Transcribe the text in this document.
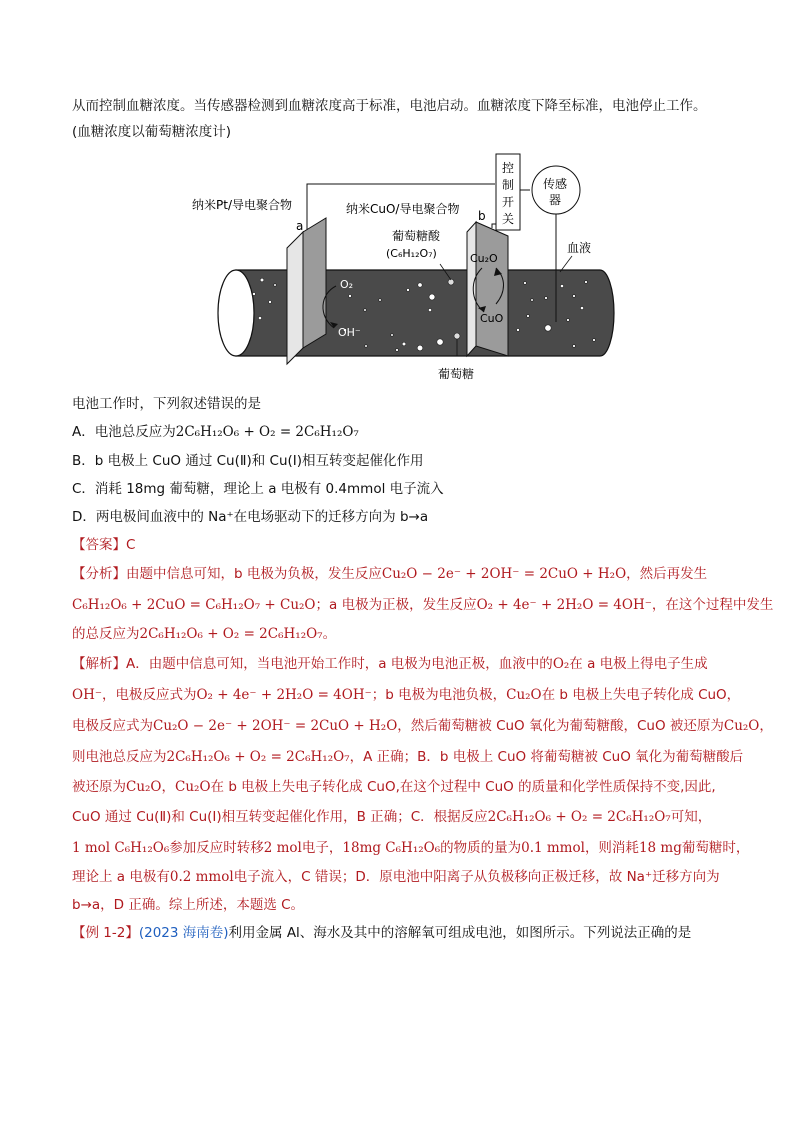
从而控制血糖浓度。当传感器检测到血糖浓度高于标准，电池启动。血糖浓度下降至标准，电池停止工作。
(血糖浓度以葡萄糖浓度计)
纳米Pt/导电聚合物
a
纳米CuO/导电聚合物 b
控
制
开
关
传感
器
血液
葡萄糖酸
(C₆H₁₂O₇)
O₂
OH⁻
Cu₂O
CuO
葡萄糖
电池工作时，下列叙述错误的是
A．电池总反应为2C₆H₁₂O₆ + O₂ = 2C₆H₁₂O₇
B．b 电极上 CuO 通过 Cu(Ⅱ)和 Cu(Ⅰ)相互转变起催化作用
C．消耗 18mg 葡萄糖，理论上 a 电极有 0.4mmol 电子流入
D．两电极间血液中的 Na⁺在电场驱动下的迁移方向为 b→a
【答案】C
【分析】由题中信息可知，b 电极为负极，发生反应Cu₂O − 2e⁻ + 2OH⁻ = 2CuO + H₂O，然后再发生
C₆H₁₂O₆ + 2CuO = C₆H₁₂O₇ + Cu₂O；a 电极为正极，发生反应O₂ + 4e⁻ + 2H₂O = 4OH⁻，在这个过程中发生
的总反应为2C₆H₁₂O₆ + O₂ = 2C₆H₁₂O₇。
【解析】A．由题中信息可知，当电池开始工作时，a 电极为电池正极，血液中的O₂在 a 电极上得电子生成
OH⁻，电极反应式为O₂ + 4e⁻ + 2H₂O = 4OH⁻；b 电极为电池负极，Cu₂O在 b 电极上失电子转化成 CuO，
电极反应式为Cu₂O − 2e⁻ + 2OH⁻ = 2CuO + H₂O，然后葡萄糖被 CuO 氧化为葡萄糖酸，CuO 被还原为Cu₂O，
则电池总反应为2C₆H₁₂O₆ + O₂ = 2C₆H₁₂O₇，A 正确；B．b 电极上 CuO 将葡萄糖被 CuO 氧化为葡萄糖酸后
被还原为Cu₂O，Cu₂O在 b 电极上失电子转化成 CuO,在这个过程中 CuO 的质量和化学性质保持不变,因此,
CuO 通过 Cu(Ⅱ)和 Cu(Ⅰ)相互转变起催化作用，B 正确；C．根据反应2C₆H₁₂O₆ + O₂ = 2C₆H₁₂O₇可知，
1 mol C₆H₁₂O₆参加反应时转移2 mol电子，18mg C₆H₁₂O₆的物质的量为0.1 mmol，则消耗18 mg葡萄糖时，
理论上 a 电极有0.2 mmol电子流入，C 错误；D．原电池中阳离子从负极移向正极迁移，故 Na⁺迁移方向为
b→a，D 正确。综上所述，本题选 C。
【例 1-2】(2023 海南卷)利用金属 Al、海水及其中的溶解氧可组成电池，如图所示。下列说法正确的是
